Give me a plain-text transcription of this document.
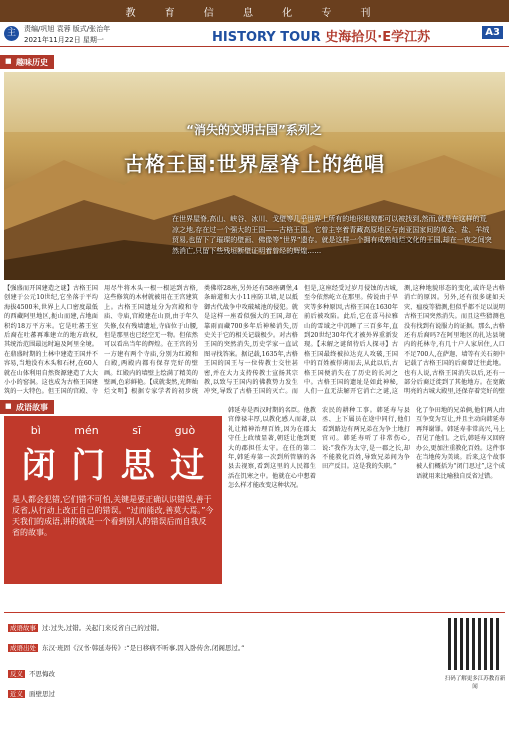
教 育 信 息 化 专 刊
主	责编/巩旭 袁蓉 版式/张治年
2021年11月22日 星期一	HISTORY TOUR 史海拾贝·E学江苏	A3
■ 趣味历史
“消失的文明古国”系列之
古格王国:世界屋脊上的绝唱
在世界屋脊,高山、峡谷、冰川、戈壁等几乎世界上所有的地形地貌都可以被找到,然而,就是在这样的荒凉之地,存在过一个强大的王国——古格王国。它曾主宰着青藏高原地区与南亚国家间的黄金、盐、羊绒贸易,也留下了璀璨的壁画、佛像等“世界”遗存。就是这样一个拥有成熟灿烂文化的王国,却在一夜之间突然消亡,只留下些残垣断壁证明着曾经的辉煌……
【强盛而开国建造之谜】古格王国创建于公元10世纪,它坐落于平均海拔4500米,世界上人口密度最低的西藏阿里地区,扼山而建,占地面积约18万平方米。它是吐蕃王室后裔在吐蕃再难建立的地方政权,其统治范围最远时遍及阿里全境。在鼎盛时期的土林中建造王国并不容易,当地没有木头和石材,在60人就在山体利用自然资源建造了大大小小的窑洞。这也成为古格王国建筑的一大特色。但王国的宫殿、寺
用尽牛将木头一根一根运到古格,这些修筑的木材就被用在王宫建筑上。古格王国遗址分为宫殿和寺庙、寺庙,宫殿建在山顶,由于年久失修,仅有残墙遗址,寺庙位于山腰,但是那里也已经空无一物。但依然可以看出当年的辉煌。在王宫的另一方建有两个寺庙,分别为红殿和白殿,两殿内都有保存完好的壁画。红殿内的墙壁上绘满了精美的壁画,色彩鲜艳。【成就斐然,光辉灿烂文明】根据专家学者的初步统
类佛塔28座,另外还有58座碉堡,4条暗道和大小11座防卫墙,足以抵御古代战争中攻破城池的侵犯。就是这样一座看似强大的王国,却在靠雨而藏700多年后神秘消失,历史关于它的相关记载极少。对古格王国的突然消失,历史学家一直试图寻找答案。据记载,1635年,古格王国的国王与一位传教士交往甚密,并在大力支持传教士宣扬其宗教,以致与王国内的佛教势力发生冲突,导致了古格王国的灭亡。而
但是,这座经受过岁月侵蚀的古城,至今依然屹立在那里。传说由于旱灾等多种原因,古格王国在1630年前后被攻陷。此后,它在喜马拉雅山的雪域之中沉睡了三百多年,直到20世纪30年代才被外界重新发现。【未解之谜留待后人探寻】古格王国最终被拉达克人攻破,王国中的百姓被俘虏而去,从此以后,古格王国便消失在了历史的长河之中。古格王国的遗址是如此神秘,人们一直无法解开它消亡之谜,这
测,这种地貌形态的变化,或许是古格消亡的原因。另外,还有很多谜如天灾、瘟疫等猜测,但似乎都不足以说明古格王国突然消失。而且这些猜测也没有找到有说服力的证据。那么,古格还有后裔吗?在阿里地区的扎达县境内的托林寺,有几十户人家居住,人口不足700人,在萨迦、墙等有关石刻中记载了古格王国的后裔曾迁往此地。也有人说,古格王国消失以后,还有一部分后裔迁徙到了其他地方。在宽敞明亮的古城大殿里,还保存着完好的壁
■ 成语故事
bì	mén	sī	guò
闭 门 思 过
是人都会犯错,它们错不可怕,关键是要正确认识错误,善于反省,从行动上改正自己的错误。“过而能改,善莫大焉。”今天我们的成语,讲的就是一个看到别人的错误后而自我反省的故事。
韩延寿是西汉时期的名臣。他教官俸禄丰厚,以教化感人而著,以礼让精神治理百姓,因为在郡太守任上政绩显著,朝廷让他到更大的郡担任太守。在任的第二年,韩延寿第一次到所管辖的各县去视察,看到这里的人民都生活在饥寒之中。他就在心中想着怎么样才能改变这种状况。
农民的耕种工事。韩延寿与县丞、上下属员在途中同行,他们看到路边有两兄弟在为争土地打官司。韩延寿听了非常伤心,说:“我作为太守,是一郡之长,却不能教化百姓,导致兄弟间为争田产反目。这是我的失职。”
化了争田地的兄弟俩,他们两人由互争变为互让,并且主动向韩延寿再拜谢罪。韩延寿非常高兴,马上召见了他们。之后,韩延寿又回府办公,更加注重教化百姓。这件事在当地传为美谈。后来,这个故事被人们概括为“闭门思过”,这个成语就用来比喻独自反省过错。
成语故事 过:过失,过错。关起门来反省自己的过错。
成语出处 东汉·班固《汉书·韩延寿传》:“是日移病不听事,因入卧传舍,闭阁思过。”
反义 不思悔改
近义 面壁思过
扫码了解更多江苏教育新闻
